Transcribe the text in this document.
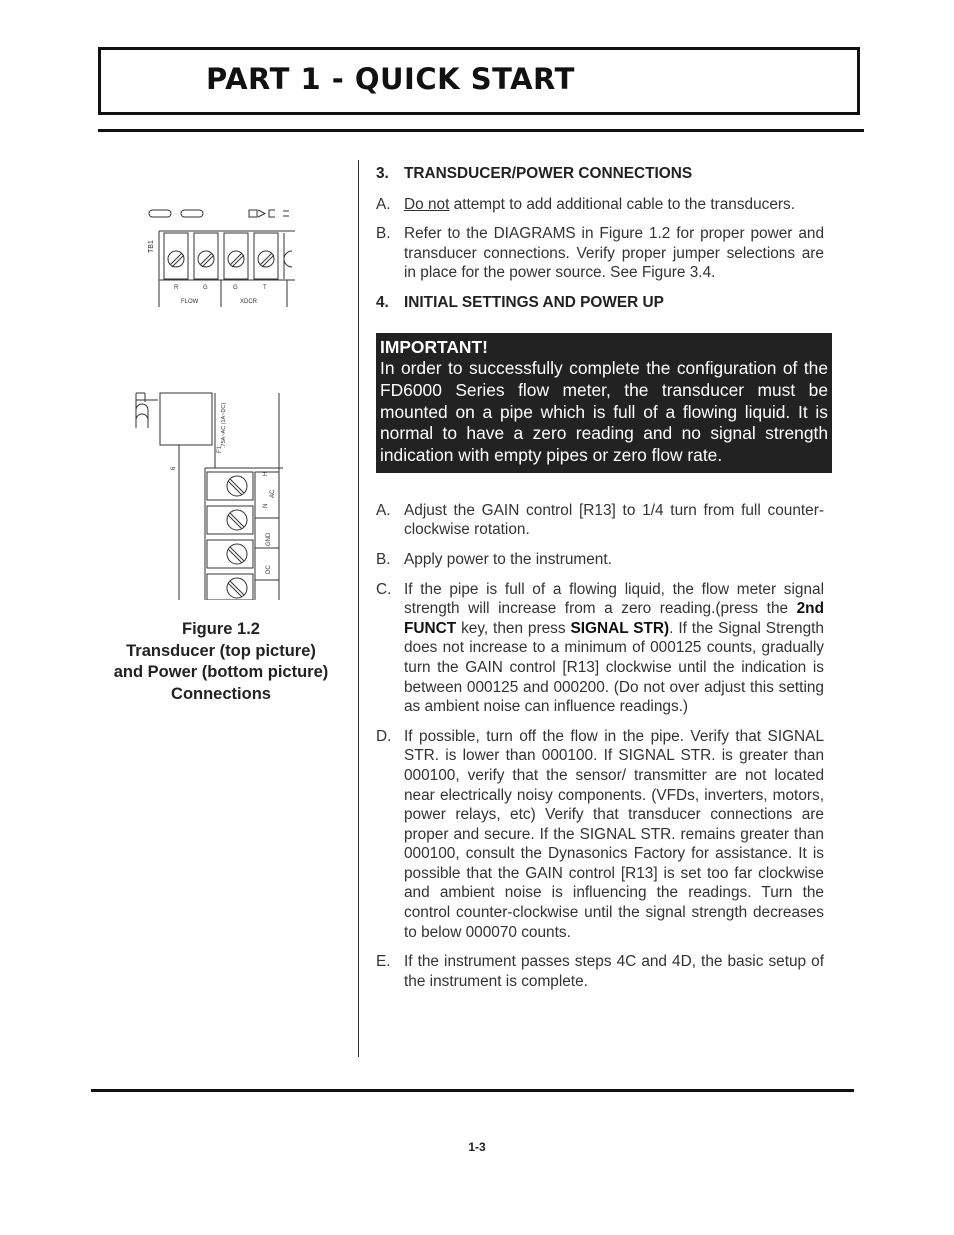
PART 1 - QUICK START
TB1
R	G	G	T
FLOW	XDCR
6
F1
.75A~AC (1A~DC)
H
N
AC
GND
DC
Figure 1.2
Transducer (top picture)
and Power (bottom picture)
Connections
3. TRANSDUCER/POWER CONNECTIONS
A. Do not attempt to add additional cable to the transducers.
B. Refer to the DIAGRAMS in Figure 1.2 for proper power and transducer connections. Verify proper jumper selections are in place for the power source. See Figure 3.4.
4. INITIAL SETTINGS AND POWER UP
IMPORTANT!
In order to successfully complete the configuration of the FD6000 Series flow meter, the transducer must be mounted on a pipe which is full of a flowing liquid. It is normal to have a zero reading and no signal strength indication with empty pipes or zero flow rate.
A. Adjust the GAIN control [R13] to 1/4 turn from full counter-clockwise rotation.
B. Apply power to the instrument.
C. If the pipe is full of a flowing liquid, the flow meter signal strength will increase from a zero reading.(press the 2nd FUNCT key, then press SIGNAL STR). If the Signal Strength does not increase to a minimum of 000125 counts, gradually turn the GAIN control [R13] clockwise until the indication is between 000125 and 000200. (Do not over adjust this setting as ambient noise can influence readings.)
D. If possible, turn off the flow in the pipe. Verify that SIGNAL STR. is lower than 000100. If SIGNAL STR. is greater than 000100, verify that the sensor/ transmitter are not located near electrically noisy components. (VFDs, inverters, motors, power relays, etc) Verify that transducer connections are proper and secure. If the SIGNAL STR. remains greater than 000100, consult the Dynasonics Factory for assistance. It is possible that the GAIN control [R13] is set too far clockwise and ambient noise is influencing the readings. Turn the control counter-clockwise until the signal strength decreases to below 000070 counts.
E. If the instrument passes steps 4C and 4D, the basic setup of the instrument is complete.
1-3
